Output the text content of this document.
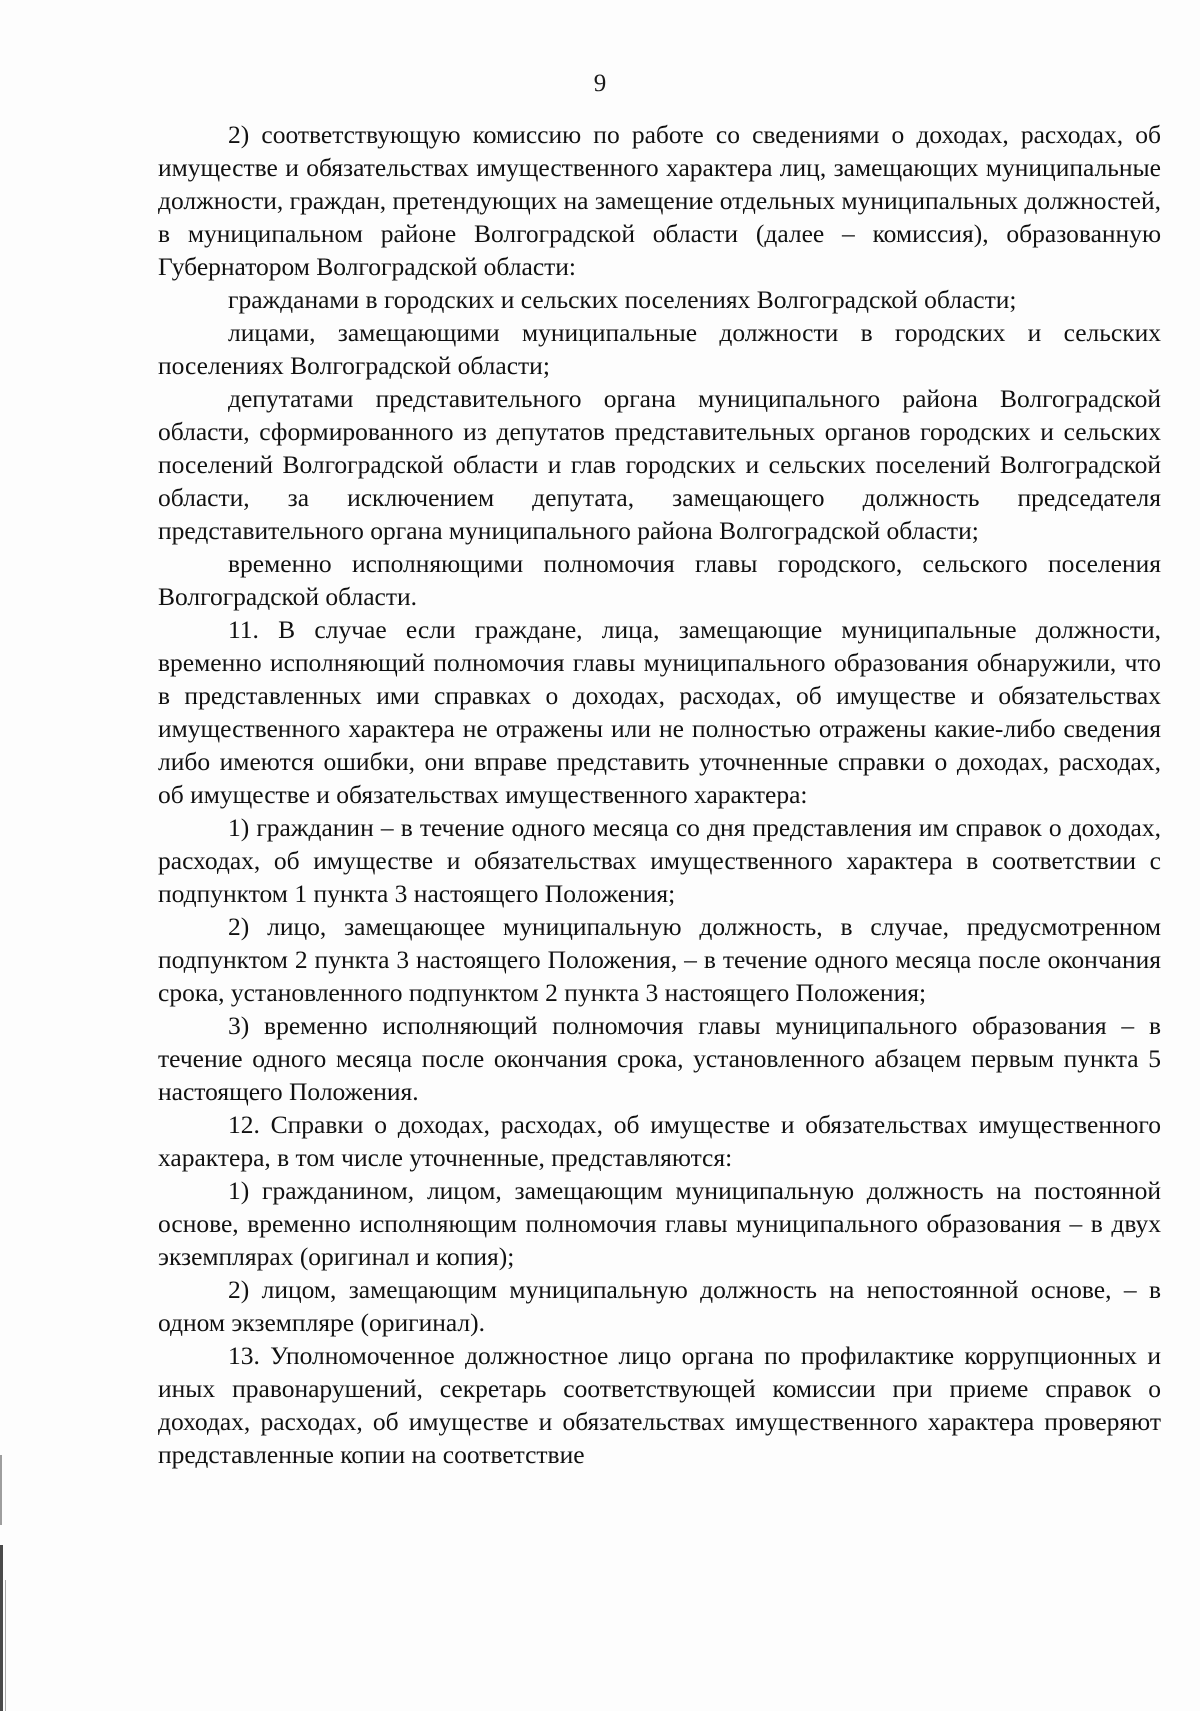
9

2) соответствующую комиссию по работе со сведениями о доходах, расходах, об имуществе и обязательствах имущественного характера лиц, замещающих муниципальные должности, граждан, претендующих на замещение отдельных муниципальных должностей, в муниципальном районе Волгоградской области (далее – комиссия), образованную Губернатором Волгоградской области:

гражданами в городских и сельских поселениях Волгоградской области;

лицами, замещающими муниципальные должности в городских и сельских поселениях Волгоградской области;

депутатами представительного органа муниципального района Волгоградской области, сформированного из депутатов представительных органов городских и сельских поселений Волгоградской области и глав городских и сельских поселений Волгоградской области, за исключением депутата, замещающего должность председателя представительного органа муниципального района Волгоградской области;

временно исполняющими полномочия главы городского, сельского поселения Волгоградской области.

11. В случае если граждане, лица, замещающие муниципальные должности, временно исполняющий полномочия главы муниципального образования обнаружили, что в представленных ими справках о доходах, расходах, об имуществе и обязательствах имущественного характера не отражены или не полностью отражены какие-либо сведения либо имеются ошибки, они вправе представить уточненные справки о доходах, расходах, об имуществе и обязательствах имущественного характера:

1) гражданин – в течение одного месяца со дня представления им справок о доходах, расходах, об имуществе и обязательствах имущественного характера в соответствии с подпунктом 1 пункта 3 настоящего Положения;

2) лицо, замещающее муниципальную должность, в случае, предусмотренном подпунктом 2 пункта 3 настоящего Положения, – в течение одного месяца после окончания срока, установленного подпунктом 2 пункта 3 настоящего Положения;

3) временно исполняющий полномочия главы муниципального образования – в течение одного месяца после окончания срока, установленного абзацем первым пункта 5 настоящего Положения.

12. Справки о доходах, расходах, об имуществе и обязательствах имущественного характера, в том числе уточненные, представляются:

1) гражданином, лицом, замещающим муниципальную должность на постоянной основе, временно исполняющим полномочия главы муниципального образования – в двух экземплярах (оригинал и копия);

2) лицом, замещающим муниципальную должность на непостоянной основе, – в одном экземпляре (оригинал).

13. Уполномоченное должностное лицо органа по профилактике коррупционных и иных правонарушений, секретарь соответствующей комиссии при приеме справок о доходах, расходах, об имуществе и обязательствах имущественного характера проверяют представленные копии на соответствие
